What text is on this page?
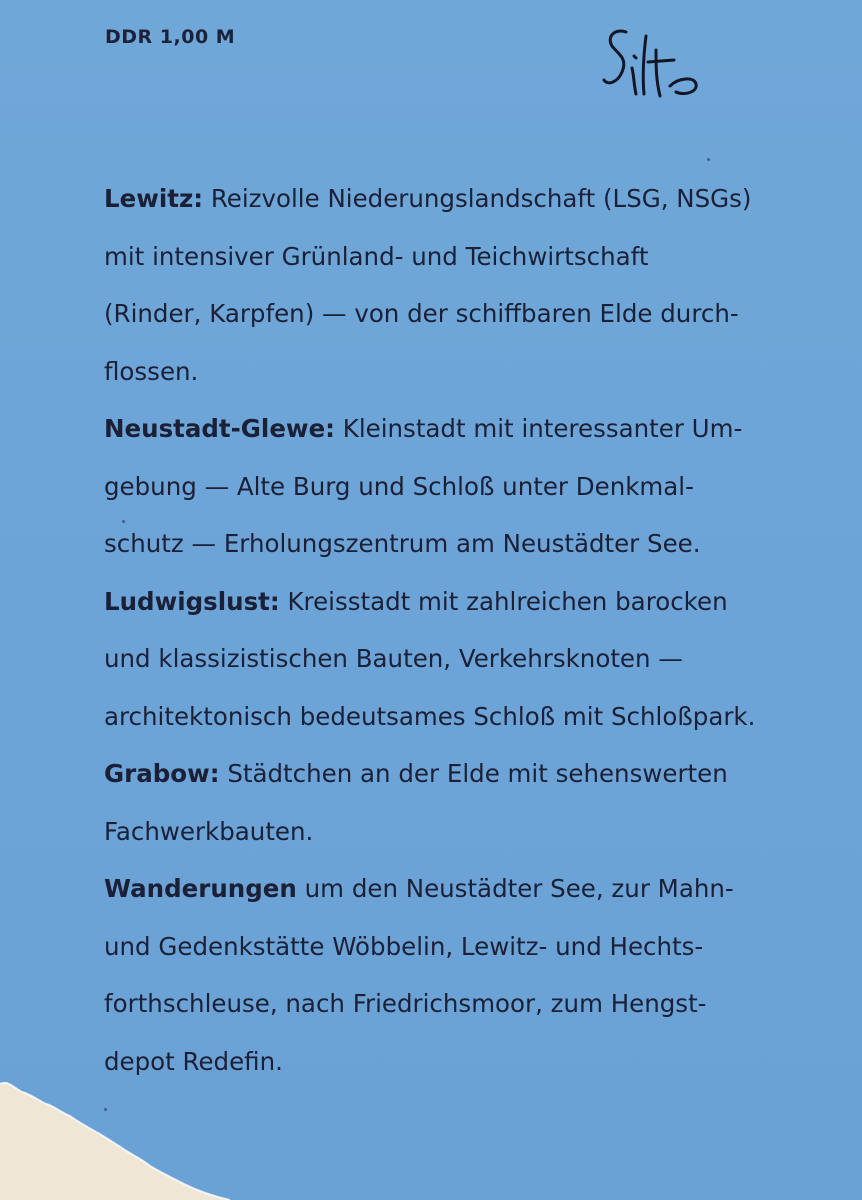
DDR 1,00 M

Lewitz: Reizvolle Niederungslandschaft (LSG, NSGs)
mit intensiver Grünland- und Teichwirtschaft
(Rinder, Karpfen) — von der schiffbaren Elde durch-
flossen.

Neustadt-Glewe: Kleinstadt mit interessanter Um-
gebung — Alte Burg und Schloß unter Denkmal-
schutz — Erholungszentrum am Neustädter See.

Ludwigslust: Kreisstadt mit zahlreichen barocken
und klassizistischen Bauten, Verkehrsknoten —
architektonisch bedeutsames Schloß mit Schloßpark.

Grabow: Städtchen an der Elde mit sehenswerten
Fachwerkbauten.

Wanderungen um den Neustädter See, zur Mahn-
und Gedenkstätte Wöbbelin, Lewitz- und Hechts-
forthschleuse, nach Friedrichsmoor, zum Hengst-
depot Redefin.
